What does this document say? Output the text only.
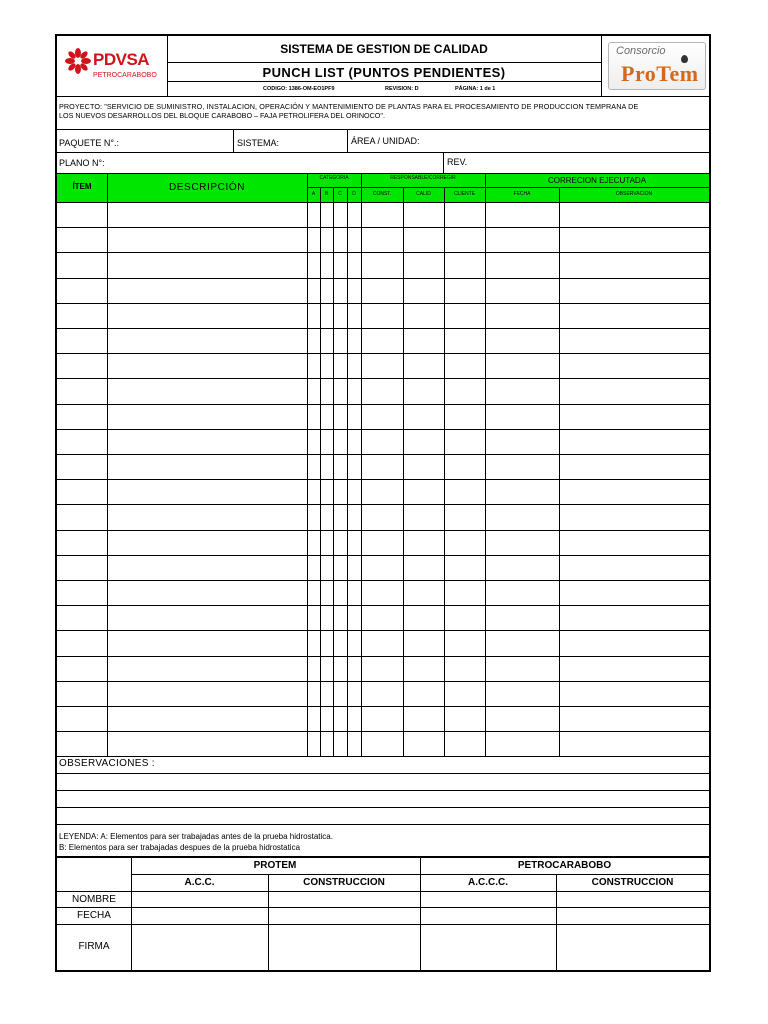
PDVSA
PETROCARABOBO
SISTEMA DE GESTION DE CALIDAD
PUNCH LIST (PUNTOS PENDIENTES)
CODIGO: 1386-OM-EO1PF9	REVISION: D	PÁGINA: 1 de 1
Consorcio
ProTem
PROYECTO: "SERVICIO DE SUMINISTRO, INSTALACION, OPERACIÓN Y MANTENIMIENTO DE PLANTAS PARA EL PROCESAMIENTO DE PRODUCCION TEMPRANA DE
LOS NUEVOS DESARROLLOS DEL BLOQUE CARABOBO – FAJA PETROLIFERA DEL ORINOCO".
PAQUETE N°.:	SISTEMA:	ÁREA / UNIDAD:
PLANO N°:	REV.
ÍTEM	DESCRIPCIÓN
CATEGORIA
A	B	C	D
RESPONSABLE/CORREGIR
CONST.	CALID	CLIENTE
CORRECION EJECUTADA
FECHA	OBSERVACION
OBSERVACIONES :
LEYENDA: A: Elementos para ser trabajadas antes de la prueba hidrostatica.
B: Elementos para ser trabajadas despues de la prueba hidrostatica
PROTEM	PETROCARABOBO
A.C.C.	CONSTRUCCION	A.C.C.C.	CONSTRUCCION
NOMBRE
FECHA
FIRMA
